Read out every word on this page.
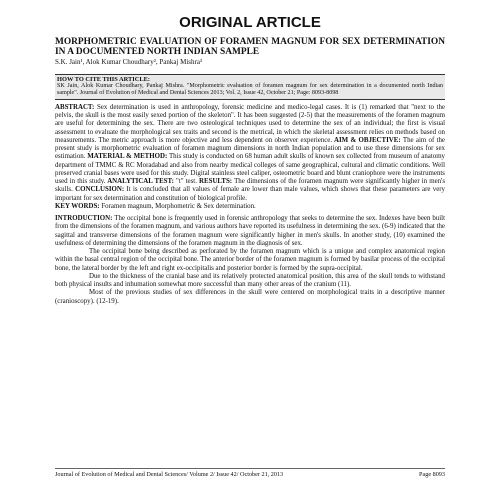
ORIGINAL ARTICLE

MORPHOMETRIC EVALUATION OF FORAMEN MAGNUM FOR SEX DETERMINATION IN A DOCUMENTED NORTH INDIAN SAMPLE

S.K. Jain¹, Alok Kumar Choudhary², Pankaj Mishra³
HOW TO CITE THIS ARTICLE:
SK Jain, Alok Kumar Choudhary, Pankaj Mishra. "Morphometric evaluation of foramen magnum for sex determination in a documented north Indian sample". Journal of Evolution of Medical and Dental Sciences 2013; Vol. 2, Issue 42, October 21; Page: 8093-8098

ABSTRACT: Sex determination is used in anthropology, forensic medicine and medico-legal cases. It is (1) remarked that "next to the pelvis, the skull is the most easily sexed portion of the skeleton". It has been suggested (2-5) that the measurements of the foramen magnum are useful for determining the sex. There are two osteological techniques used to determine the sex of an individual; the first is visual assessment to evaluate the morphological sex traits and second is the metrical, in which the skeletal assessment relies on methods based on measurements. The metric approach is more objective and less dependent on observer experience. AIM & OBJECTIVE: The aim of the present study is morphometric evaluation of foramen magnum dimensions in north Indian population and to use these dimensions for sex estimation. MATERIAL & METHOD: This study is conducted on 68 human adult skulls of known sex collected from museum of anatomy department of TMMC & RC Moradabad and also from nearby medical colleges of same geographical, cultural and climatic conditions. Well preserved cranial bases were used for this study. Digital stainless steel caliper, osteometric board and blunt craniophore were the instruments used in this study. ANALYTICAL TEST: "t" test. RESULTS: The dimensions of the foramen magnum were significantly higher in men's skulls. CONCLUSION: It is concluded that all values of female are lower than male values, which shows that these parameters are very important for sex determination and constitution of biological profile.

KEY WORDS: Foramen magnum, Morphometric & Sex determination.

INTRODUCTION: The occipital bone is frequently used in forensic anthropology that seeks to determine the sex. Indexes have been built from the dimensions of the foramen magnum, and various authors have reported its usefulness in determining the sex. (6-9) indicated that the sagittal and transverse dimensions of the foramen magnum were significantly higher in men's skulls. In another study, (10) examined the usefulness of determining the dimensions of the foramen magnum in the diagnosis of sex.

The occipital bone being described as perforated by the foramen magnum which is a unique and complex anatomical region within the basal central region of the occipital bone. The anterior border of the foramen magnum is formed by basilar process of the occipital bone, the lateral border by the left and right ex-occipitalis and posterior border is formed by the supra-occipital.

Due to the thickness of the cranial base and its relatively protected anatomical position, this area of the skull tends to withstand both physical insults and inhumation somewhat more successful than many other areas of the cranium (11).

Most of the previous studies of sex differences in the skull were centered on morphological traits in a descriptive manner (cranioscopy). (12-19).

Journal of Evolution of Medical and Dental Sciences/ Volume 2/ Issue 42/ October 21, 2013	Page 8093
